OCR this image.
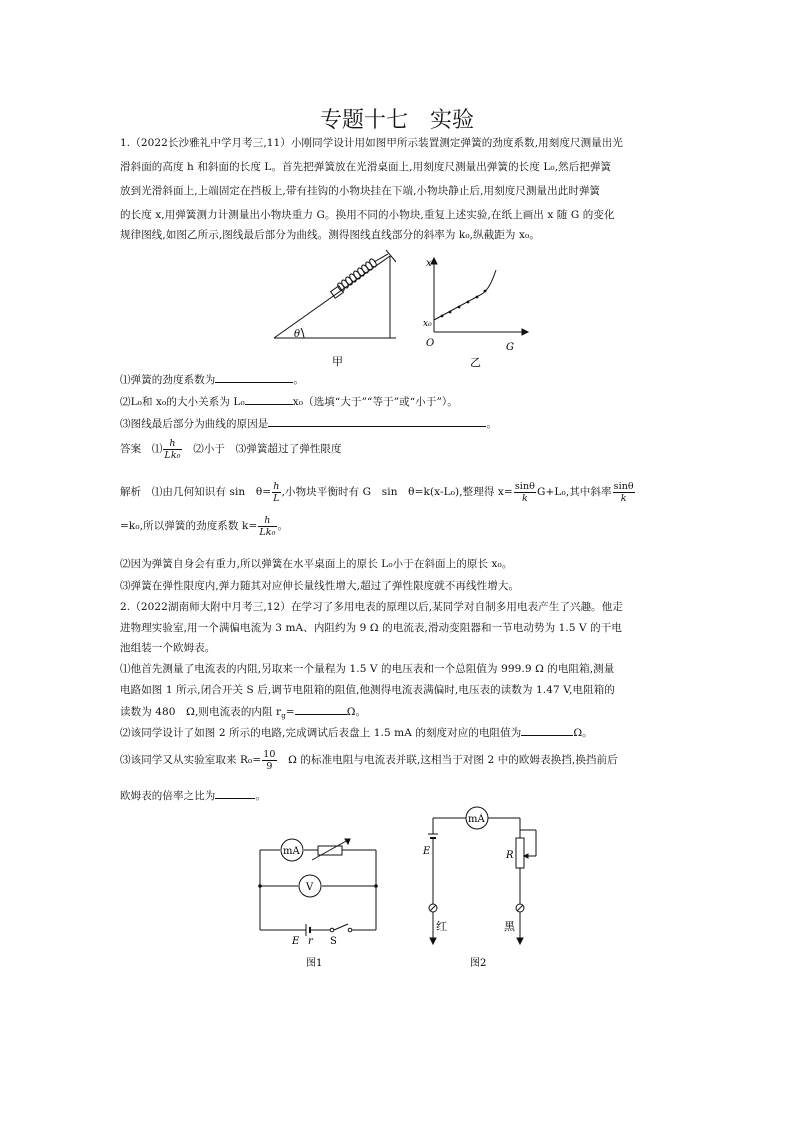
专题十七　实验
1.（2022长沙雅礼中学月考三,11）小刚同学设计用如图甲所示装置测定弹簧的劲度系数,用刻度尺测量出光
滑斜面的高度 h 和斜面的长度 L。首先把弹簧放在光滑桌面上,用刻度尺测量出弹簧的长度 L₀,然后把弹簧
放到光滑斜面上,上端固定在挡板上,带有挂钩的小物块挂在下端,小物块静止后,用刻度尺测量出此时弹簧
的长度 x,用弹簧测力计测量出小物块重力 G。换用不同的小物块,重复上述实验,在纸上画出 x 随 G 的变化
规律图线,如图乙所示,图线最后部分为曲线。测得图线直线部分的斜率为 k₀,纵截距为 x₀。
θ
甲
x
x₀
O	G
乙
⑴弹簧的劲度系数为	。
⑵L₀和 x₀的大小关系为 L₀	x₀（选填“大于”“等于”或“小于”）。
⑶图线最后部分为曲线的原因是	。
答案　 ⑴ $\frac{h}{\text{Lk₀}}$
　 ⑵小于　⑶弹簧超过了弹性限度
解析　 ⑴由几何知识有 sin　$\theta= \frac{h}{L}$ ,小物块平衡时有 G　sin　θ=k(x-L₀),整理得 $x= \frac{\sin\theta}{k} G+L_0$,其中斜率 $\frac{\sin\theta}{k}$
=k₀,所以弹簧的劲度系数 $k= \frac{h}{\text{Lk₀}}$ 。
⑵因为弹簧自身会有重力,所以弹簧在水平桌面上的原长 L₀小于在斜面上的原长 x₀。
⑶弹簧在弹性限度内,弹力随其对应伸长量线性增大,超过了弹性限度就不再线性增大。
2.（2022湖南师大附中月考三,12）在学习了多用电表的原理以后,某同学对自制多用电表产生了兴趣。他走
进物理实验室,用一个满偏电流为 3 mA、内阻约为 9 Ω 的电流表,滑动变阻器和一节电动势为 1.5 V 的干电
池组装一个欧姆表。
⑴他首先测量了电流表的内阻,另取来一个量程为 1.5 V 的电压表和一个总阻值为 999.9 Ω 的电阻箱,测量
电路如图 1 所示,闭合开关 S 后,调节电阻箱的阻值,他测得电流表满偏时,电压表的读数为 1.47 V,电阻箱的
读数为 480　Ω,则电流表的内阻 $r_g=$	Ω。
⑵该同学设计了如图 2 所示的电路,完成调试后表盘上 1.5 mA 的刻度对应的电阻值为	Ω。
⑶该同学又从实验室取来 $R_0= \frac{10}{9}$
　 Ω 的标准电阻与电流表并联,这相当于对图 2 中的欧姆表换挡,换挡前后
欧姆表的倍率之比为	。
mA
V
E r S
图1
mA
E	R
红	黑
图2
